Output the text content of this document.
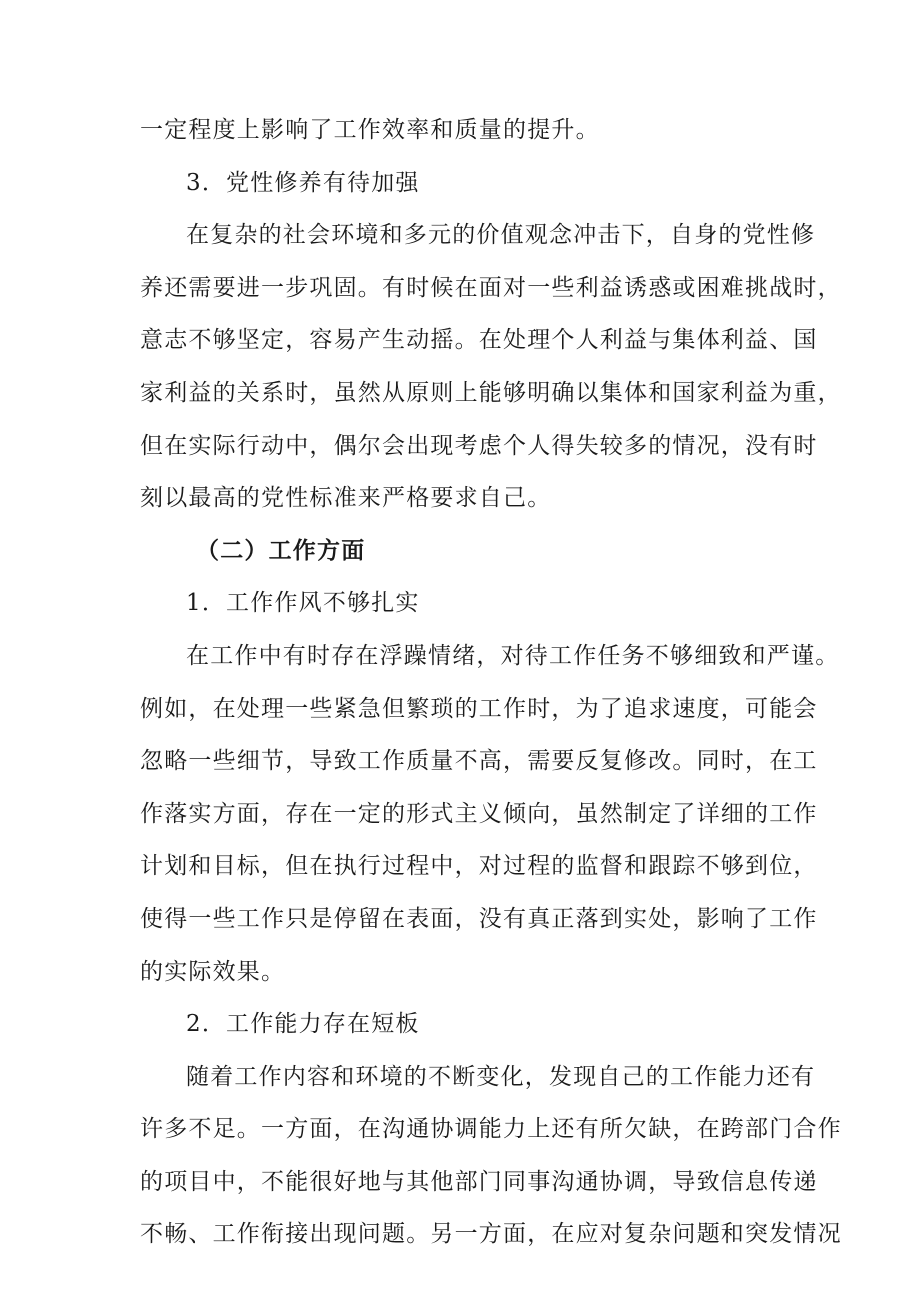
一定程度上影响了工作效率和质量的提升。

3．党性修养有待加强

在复杂的社会环境和多元的价值观念冲击下，自身的党性修
养还需要进一步巩固。有时候在面对一些利益诱惑或困难挑战时，
意志不够坚定，容易产生动摇。在处理个人利益与集体利益、国
家利益的关系时，虽然从原则上能够明确以集体和国家利益为重，
但在实际行动中，偶尔会出现考虑个人得失较多的情况，没有时
刻以最高的党性标准来严格要求自己。

（二）工作方面

1．工作作风不够扎实

在工作中有时存在浮躁情绪，对待工作任务不够细致和严谨。
例如，在处理一些紧急但繁琐的工作时，为了追求速度，可能会
忽略一些细节，导致工作质量不高，需要反复修改。同时，在工
作落实方面，存在一定的形式主义倾向，虽然制定了详细的工作
计划和目标，但在执行过程中，对过程的监督和跟踪不够到位，
使得一些工作只是停留在表面，没有真正落到实处，影响了工作
的实际效果。

2．工作能力存在短板

随着工作内容和环境的不断变化，发现自己的工作能力还有
许多不足。一方面，在沟通协调能力上还有所欠缺，在跨部门合作
的项目中，不能很好地与其他部门同事沟通协调，导致信息传递
不畅、工作衔接出现问题。另一方面，在应对复杂问题和突发情况
